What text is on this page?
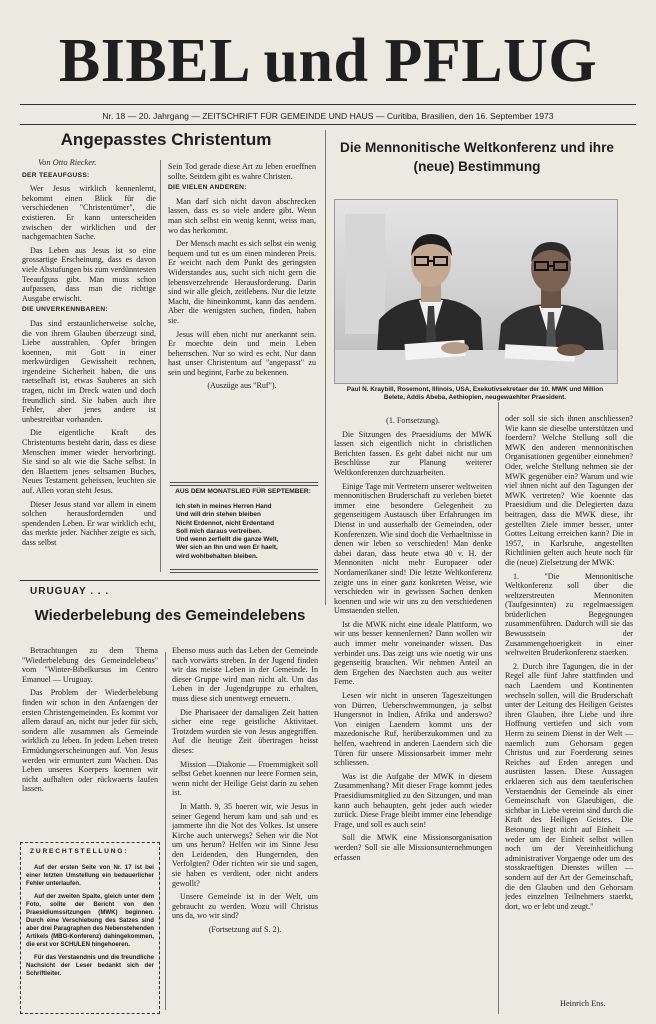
BIBEL und PFLUG
Nr. 18 — 20. Jahrgang — ZEITSCHRIFT FÜR GEMEINDE UND HAUS — Curitiba, Brasilien, den 16. September 1973
Angepasstes Christentum
Von Otto Riecker.

DER TEEAUFGUSS:

Wer Jesus wirklich kennenlernt, bekommt einen Blick für die verschiedenen "Christentümer", die existieren. Er kann unterscheiden zwischen der wirklichen und der nachgemachten Sache.

Das Leben aus Jesus ist so eine grossartige Erscheinung, dass es davon viele Abstufungen bis zum verdünntesten Teeaufguss gibt. Man muss schon aufpassen, dass man die richtige Ausgabe erwischt.

DIE UNVERKENNBAREN:

Das sind erstaunlicherweise solche, die von ihrem Glauben überzeugt sind, Liebe ausstrahlen, Opfer bringen koennen, mit Gott in einer merkwürdigen Gewissheit rechnen, irgendeine Sicherheit haben, die uns raetselhaft ist, etwas Sauberes an sich tragen, nicht im Dreck waten und doch freundlich sind. Sie haben auch ihre Fehler, aber jenes andere ist unbestreitbar vorhanden.

Die eigentliche Kraft des Christentums besteht darin, dass es diese Menschen immer wieder hervorbringt. Sie sind so alt wie die Sache selbst. In den Blaettern jenes seltsamen Buches, Neues Testament geheissen, leuchten sie auf. Allen voran steht Jesus.

Dieser Jesus stand vor allem in einem solchen herausfordernden und spendenden Leben. Er war wirklich echt, das merkte jeder. Nachher zeigte es sich, dass selbst

Sein Tod gerade diese Art zu leben eroeffnen sollte. Seitdem gibt es wahre Christen.

DIE VIELEN ANDEREN:

Man darf sich nicht davon abschrecken lassen, dass es so viele andere gibt. Wenn man sich selbst ein wenig kennt, weiss man, wo das herkommt.

Der Mensch macht es sich selbst ein wenig bequem und tut es um einen minderen Preis. Er weicht nach dem Punkt des geringsten Widerstandes aus, sucht sich nicht gern die lebensverzehrende Herausforderung. Darin sind wir alle gleich, zeitlebens. Nur die letzte Macht, die hineinkommt, kann das aendern. Aber die wenigsten suchen, finden, haben sie.

Jesus will eben nicht nur anerkannt sein. Er moechte dein und mein Leben beherrschen. Nur so wird es echt. Nur dann hast unser Christentum auf "angepasst" zu sein und beginnt, Farbe zu bekennen.

(Auszüge aus "Ruf").

AUS DEM MONATSLIED FÜR SEPTEMBER:
Ich steh in meines Herren Hand
Und will drin stehen bleiben
Nicht Erdennot, nicht Erdentand
Soll mich daraus vertreiben.
Und wenn zerfiellt die ganze Welt,
Wer sich an Ihn und wen Er haelt,
wird wohlbehalten bleiben.
Die Mennonitische Weltkonferenz und ihre (neue) Bestimmung
Paul N. Kraybill, Rosemont, Illinois, USA, Exekutivsekretaer der 10. MWK und Million Belete, Addis Abeba, Aethiopien, neugewaehlter Praesident.

(1. Fortsetzung).

Die Sitzungen des Praesidiums der MWK lassen sich eigentlich nicht in christlichen Berichten fassen. Es geht dabei nicht nur um Beschlüsse zur Planung weiterer Weltkonferenzen durchzuarbeiten.

Einige Tage mit Vertretern unserer weltweiten mennonitischen Bruderschaft zu verleben bietet immer eine besondere Gelegenheit zu gegenseitigem Austausch über Erfahrungen im Dienst in und ausserhalb der Gemeinden, oder Konferenzen. Wie sind doch die Verhaeltnisse in denen wir leben so verschieden! Man denke dabei daran, dass heute etwa 40 v. H. der Mennoniten nicht mehr Europaeer oder Nordamerikaner sind! Die letzte Weltkonferenz zeigte uns in einer ganz konkreten Weise, wie verschieden wir in gewissen Sachen denken koennen und wie wir uns zu den verschiedenen Umstaenden stellen.

Ist die MWK nicht eine ideale Plattform, wo wir uns besser kennenlernen? Dann wollen wir auch immer mehr voneinander wissen. Das verbindet uns. Das zeigt uns wie noetig wir uns gegenseitig brauchen. Wir nehmen Anteil an dem Ergehen des Naechsten auch aus weiter Ferne.

Lesen wir nicht in unseren Tageszeitungen von Dürren, Ueberschwemmungen, ja selbst Hungersnot in Indien, Afrika und anderswo? Von einigen Laendern kommt uns der mazedonische Ruf, herüberzukommen und zu helfen, waehrend in anderen Laendern sich die Türen für unsere Missionsarbeit immer mehr schliessen.

Was ist die Aufgabe der MWK in diesem Zusammenhang? Mit dieser Frage kommt jedes Praesidiumsmitglied zu den Sitzungen, und man kann auch behaupten, geht jeder auch wieder zurück. Diese Frage bleibt immer eine lebendige Frage, und soll es auch sein!

Soll die MWK eine Missionsorganisation werden? Soll sie alle Missionsunternehmungen erfassen

oder soll sie sich ihnen anschliessen? Wie kann sie dieselbe unterstützen und foerdern? Welche Stellung soll die MWK den anderen mennonitischen Organisationen gegenüber einnehmen? Oder, welche Stellung nehmen sie der MWK gegenüber ein? Warum und wie viel ihnen nicht auf den Tagungen der MWK vertreten? Wie koennte das Praesidium und die Delegierten dazu beitragen, dass die MWK diese, ihr gestellten Ziele immer besser, unter Gottes Leitung erreichen kann? Die in 1957, in Karlsruhe, angestellten Richtlinien gelten auch heute noch für die (neue) Zielsetzung der MWK:

1. "Die Mennonitische Weltkonferenz soll über die weltzerstreuten Mennoniten (Taufgesinnten) zu regelmaessigen brüderlichen Begegnungen zusammenführen. Dadurch will sie das Bewusstsein der Zusammengehoerigkeit in einer weltweiten Bruderkonferenz staerken.

2. Durch ihre Tagungen, die in der Regel alle fünf Jahre stattfinden und nach Laendern und Kontinenten wechseln sollen, will die Bruderschaft unter der Leitung des Heiligen Geistes ihren Glauben, ihre Liebe und ihre Hoffnung vertiefen und sich vom Herrn zu seinem Dienst in der Welt — naemlich zum Gehorsam gegen Christus und zur Foerderung seines Reiches auf Erden anregen und ausrüsten lassen. Diese Aussagen erklaeren sich aus dem taeuferischen Verstaendnis der Gemeinde als einer Gemeinschaft von Glaeubigen, die sichtbar in Liebe vereint sind durch die Kraft des Heiligen Geistes. Die Betonung liegt nicht auf Einheit — weder um der Einheit selbst willen noch um der Vereinheitlichung administrativer Vorgaenge oder um des stosskraeftigen Dienstes willen — sondern auf der Art der Gemeinschaft, die den Glauben und den Gehorsam jedes einzelnen Teilnehmers staerkt, dort, wo er lebt und zeugt."

Heinrich Ens.
URUGUAY . . .
Wiederbelebung des Gemeindelebens

Betrachtungen zu dem Thema "Wiederbelebung des Gemeindelebens" vom "Winter-Bibelkursus im Centro Emanuel — Uruguay.

Das Problem der Wiederbelebung finden wir schon in den Anfaengen der ersten Christengemeinden. Es kommt vor allem darauf an, nicht nur jeder für sich, sondern alle zusammen als Gemeinde wirklich zu leben. In jedem Leben treten Ermüdungserscheinungen auf. Von Jesus werden wir ermuntert zum Wachen. Das Leben unseres Koerpers koennen wir nicht aufhalten oder rückwaerts laufen lassen.

Ebenso muss auch das Leben der Gemeinde nach vorwärts streben. In der Jugend finden wir das meiste Leben in der Gemeinde. In dieser Gruppe wird man nicht alt. Um das Leben in der Jugendgruppe zu erhalten, muss diese sich unentwegt erneuern.

Die Pharisaeer der damaligen Zeit hatten sicher eine rege geistliche Aktivitaet. Trotzdem wurden sie von Jesus angegriffen. Auf die heutige Zeit übertragen heisst dieses:

Mission —Diakonie — Froemmigkeit soll selbst Gebet koennen nur leere Formen sein, wenn nicht der Heilige Geist darin zu sehen ist.

In Matth. 9, 35 hoeren wir, wie Jesus in seiner Gegend herum kam und sah und es jammerte ihn die Not des Volkes. Ist unsere Kirche auch unterwegs? Sehen wir die Not um uns herum? Helfen wir im Sinne Jesu den Leidenden, den Hungernden, den Verfolgten? Oder richten wir sie und sagen, sie haben es verdient, oder nicht anders gewollt?

Unsere Gemeinde ist in der Welt, um gebraucht zu werden. Wozu will Christus uns da, wo wir sind?

(Fortsetzung auf S. 2).

Z U R E C H T S T E L L U N G :
Auf der ersten Seite von Nr. 17 ist bei einer letzten Umstellung ein bedauerlicher Fehler unterlaufen.
Auf der zweiten Spalte, gleich unter dem Foto, sollte der Bericht von den Praesidiumssitzungen (MWK) beginnen. Durch eine Verschiebung des Satzes sind aber drei Paragraphen des Nebenstehenden Artikels (MBG-Konferenz) dahingekommen, die erst vor SCHULEN hingehoeren.
Für das Verstaendnis und die freundliche Nachsicht der Leser bedankt sich der Schriftleiter.
